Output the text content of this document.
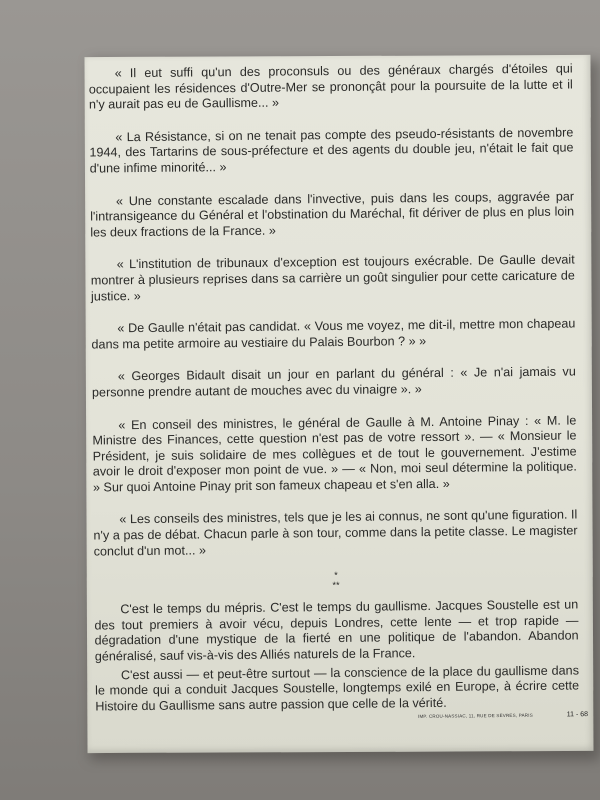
« Il eut suffi qu'un des proconsuls ou des généraux chargés d'étoiles qui occupaient les résidences d'Outre-Mer se prononçât pour la poursuite de la lutte et il n'y aurait pas eu de Gaullisme... »

« La Résistance, si on ne tenait pas compte des pseudo-résistants de novembre 1944, des Tartarins de sous-préfecture et des agents du double jeu, n'était le fait que d'une infime minorité... »

« Une constante escalade dans l'invective, puis dans les coups, aggravée par l'intransigeance du Général et l'obstination du Maréchal, fit dériver de plus en plus loin les deux fractions de la France. »

« L'institution de tribunaux d'exception est toujours exécrable. De Gaulle devait montrer à plusieurs reprises dans sa carrière un goût singulier pour cette caricature de justice. »

« De Gaulle n'était pas candidat. « Vous me voyez, me dit-il, mettre mon chapeau dans ma petite armoire au vestiaire du Palais Bourbon ? » »

« Georges Bidault disait un jour en parlant du général : « Je n'ai jamais vu personne prendre autant de mouches avec du vinaigre ». »

« En conseil des ministres, le général de Gaulle à M. Antoine Pinay : « M. le Ministre des Finances, cette question n'est pas de votre ressort ». — « Monsieur le Président, je suis solidaire de mes collègues et de tout le gouvernement. J'estime avoir le droit d'exposer mon point de vue. » — « Non, moi seul détermine la politique. » Sur quoi Antoine Pinay prit son fameux chapeau et s'en alla. »

« Les conseils des ministres, tels que je les ai connus, ne sont qu'une figuration. Il n'y a pas de débat. Chacun parle à son tour, comme dans la petite classe. Le magister conclut d'un mot... »

*
**

C'est le temps du mépris. C'est le temps du gaullisme. Jacques Soustelle est un des tout premiers à avoir vécu, depuis Londres, cette lente — et trop rapide — dégradation d'une mystique de la fierté en une politique de l'abandon. Abandon généralisé, sauf vis-à-vis des Alliés naturels de la France.

C'est aussi — et peut-être surtout — la conscience de la place du gaullisme dans le monde qui a conduit Jacques Soustelle, longtemps exilé en Europe, à écrire cette Histoire du Gaullisme sans autre passion que celle de la vérité.

IMP. CROU-NASSIAC, 11, RUE DE SÈVRES, PARIS	11 - 68
